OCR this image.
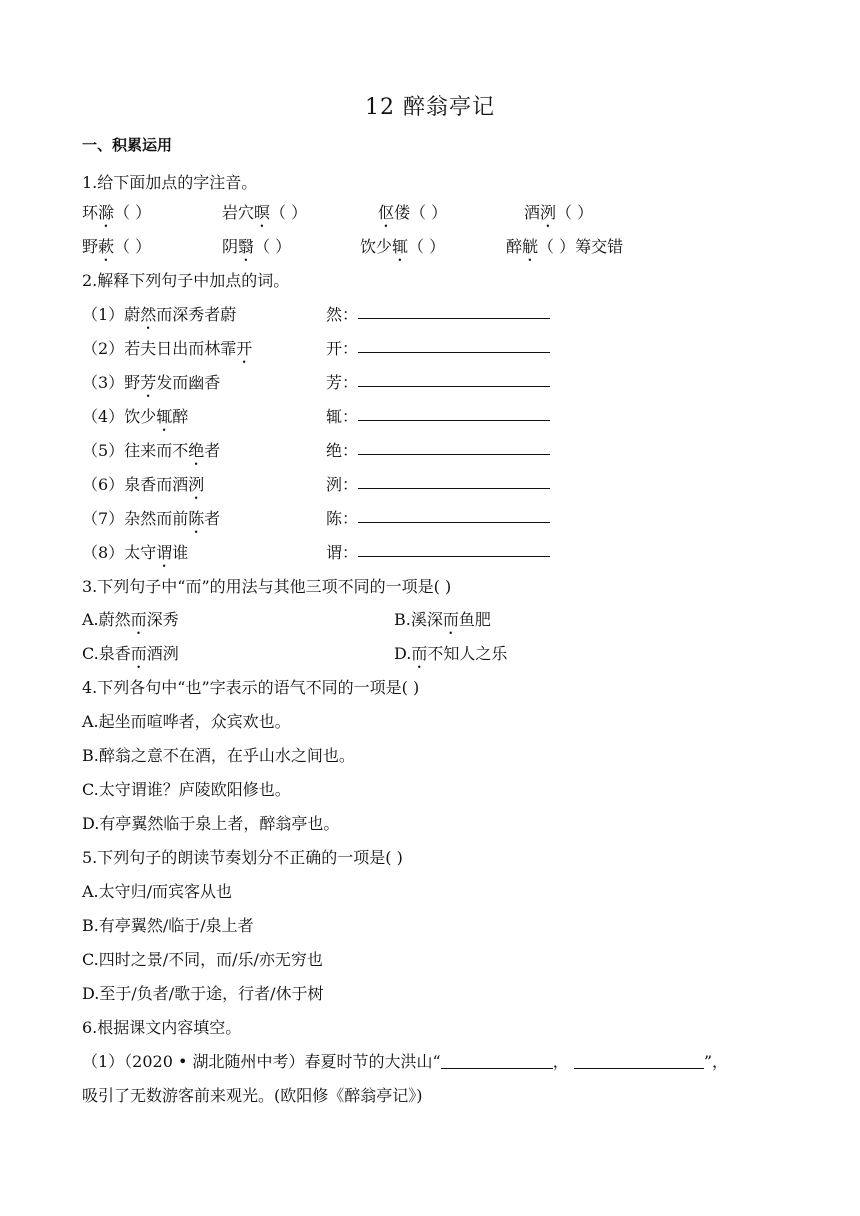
12 醉翁亭记
一、积累运用
1.给下面加点的字注音。
环滁（ ）	岩穴暝（ ）	伛偻（ ）	酒洌（ ）
野蔌（ ）	阴翳（ ）	饮少辄（ ）	醉觥（ ）筹交错
2.解释下列句子中加点的词。
（1）蔚然而深秀者蔚	然：
（2）若夫日出而林霏开	开：
（3）野芳发而幽香	芳：
（4）饮少辄醉	辄：
（5）往来而不绝者	绝：
（6）泉香而酒洌	洌：
（7）杂然而前陈者	陈：
（8）太守谓谁	谓：
3.下列句子中“而”的用法与其他三项不同的一项是( )
A.蔚然而深秀	B.溪深而鱼肥
C.泉香而酒洌	D.而不知人之乐
4.下列各句中“也”字表示的语气不同的一项是( )
A.起坐而喧哗者，众宾欢也。
B.醉翁之意不在酒，在乎山水之间也。
C.太守谓谁？庐陵欧阳修也。
D.有亭翼然临于泉上者，醉翁亭也。
5.下列句子的朗读节奏划分不正确的一项是( )
A.太守归/而宾客从也
B.有亭翼然/临于/泉上者
C.四时之景/不同，而/乐/亦无穷也
D.至于/负者/歌于途，行者/休于树
6.根据课文内容填空。
（1）（2020 • 湖北随州中考）春夏时节的大洪山“	，	”，
吸引了无数游客前来观光。(欧阳修《醉翁亭记》)
